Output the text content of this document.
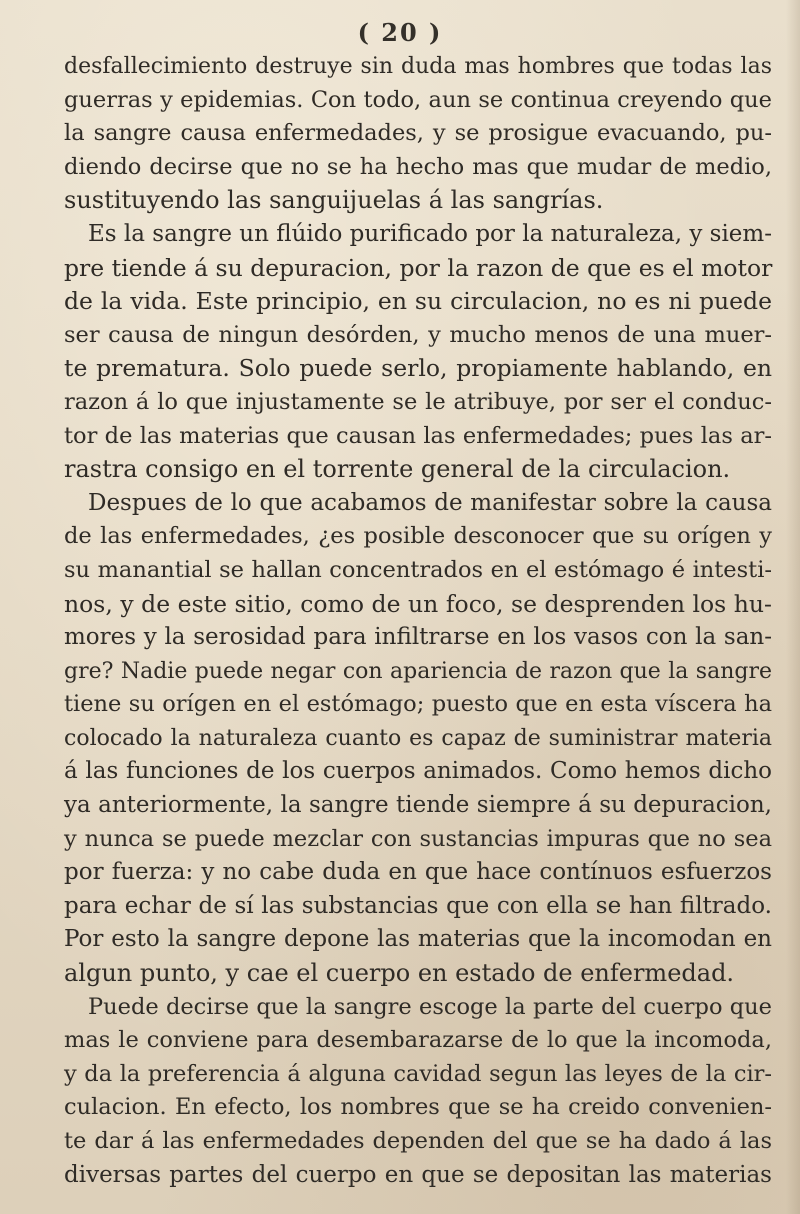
( 20 )
desfallecimiento destruye sin duda mas hombres que todas las
guerras y epidemias. Con todo, aun se continua creyendo que
la sangre causa enfermedades, y se prosigue evacuando, pu-
diendo decirse que no se ha hecho mas que mudar de medio,
sustituyendo las sanguijuelas á las sangrías.
Es la sangre un flúido purificado por la naturaleza, y siem-
pre tiende á su depuracion, por la razon de que es el motor
de la vida. Este principio, en su circulacion, no es ni puede
ser causa de ningun desórden, y mucho menos de una muer-
te prematura. Solo puede serlo, propiamente hablando, en
razon á lo que injustamente se le atribuye, por ser el conduc-
tor de las materias que causan las enfermedades; pues las ar-
rastra consigo en el torrente general de la circulacion.
Despues de lo que acabamos de manifestar sobre la causa
de las enfermedades, ¿es posible desconocer que su orígen y
su manantial se hallan concentrados en el estómago é intesti-
nos, y de este sitio, como de un foco, se desprenden los hu-
mores y la serosidad para infiltrarse en los vasos con la san-
gre? Nadie puede negar con apariencia de razon que la sangre
tiene su orígen en el estómago; puesto que en esta víscera ha
colocado la naturaleza cuanto es capaz de suministrar materia
á las funciones de los cuerpos animados. Como hemos dicho
ya anteriormente, la sangre tiende siempre á su depuracion,
y nunca se puede mezclar con sustancias impuras que no sea
por fuerza: y no cabe duda en que hace contínuos esfuerzos
para echar de sí las substancias que con ella se han filtrado.
Por esto la sangre depone las materias que la incomodan en
algun punto, y cae el cuerpo en estado de enfermedad.
Puede decirse que la sangre escoge la parte del cuerpo que
mas le conviene para desembarazarse de lo que la incomoda,
y da la preferencia á alguna cavidad segun las leyes de la cir-
culacion. En efecto, los nombres que se ha creido convenien-
te dar á las enfermedades dependen del que se ha dado á las
diversas partes del cuerpo en que se depositan las materias
